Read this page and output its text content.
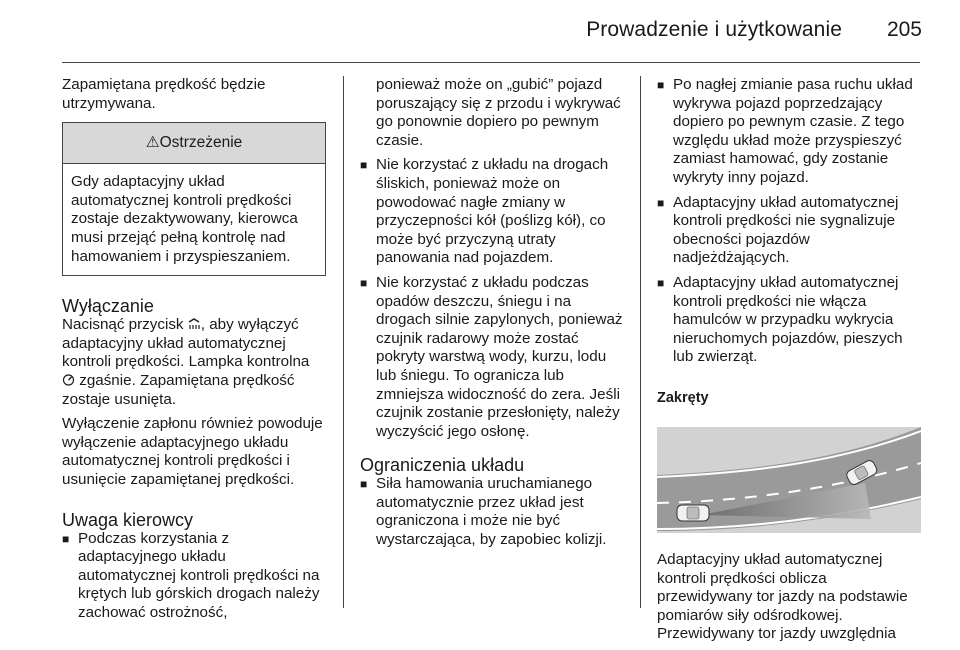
Prowadzenie i użytkowanie 205

Zapamiętana prędkość będzie utrzymywana.

⚠Ostrzeżenie
Gdy adaptacyjny układ automatycznej kontroli prędkości zostaje dezaktywowany, kierowca musi przejąć pełną kontrolę nad hamowaniem i przyspieszaniem.
Wyłączanie

Nacisnąć przycisk , aby wyłączyć adaptacyjny układ automatycznej kontroli prędkości. Lampka kontrolna  zgaśnie. Zapamiętana prędkość zostaje usunięta.

Wyłączenie zapłonu również powoduje wyłączenie adaptacyjnego układu automatycznej kontroli prędkości i usunięcie zapamiętanej prędkości.

Uwaga kierowcy
■ Podczas korzystania z adaptacyjnego układu automatycznej kontroli prędkości na krętych lub górskich drogach należy zachować ostrożność,
ponieważ może on „gubić” pojazd poruszający się z przodu i wykrywać go ponownie dopiero po pewnym czasie.
■ Nie korzystać z układu na drogach śliskich, ponieważ może on powodować nagłe zmiany w przyczepności kół (poślizg kół), co może być przyczyną utraty panowania nad pojazdem.
■ Nie korzystać z układu podczas opadów deszczu, śniegu i na drogach silnie zapylonych, ponieważ czujnik radarowy może zostać pokryty warstwą wody, kurzu, lodu lub śniegu. To ogranicza lub zmniejsza widoczność do zera. Jeśli czujnik zostanie przesłonięty, należy wyczyścić jego osłonę.
Ograniczenia układu
■ Siła hamowania uruchamianego automatycznie przez układ jest ograniczona i może nie być wystarczająca, by zapobiec kolizji.
■ Po nagłej zmianie pasa ruchu układ wykrywa pojazd poprzedzający dopiero po pewnym czasie. Z tego względu układ może przyspieszyć zamiast hamować, gdy zostanie wykryty inny pojazd.
■ Adaptacyjny układ automatycznej kontroli prędkości nie sygnalizuje obecności pojazdów nadjeżdżających.
■ Adaptacyjny układ automatycznej kontroli prędkości nie włącza hamulców w przypadku wykrycia nieruchomych pojazdów, pieszych lub zwierząt.
Zakręty

Adaptacyjny układ automatycznej kontroli prędkości oblicza przewidywany tor jazdy na podstawie pomiarów siły odśrodkowej. Przewidywany tor jazdy uwzględnia
